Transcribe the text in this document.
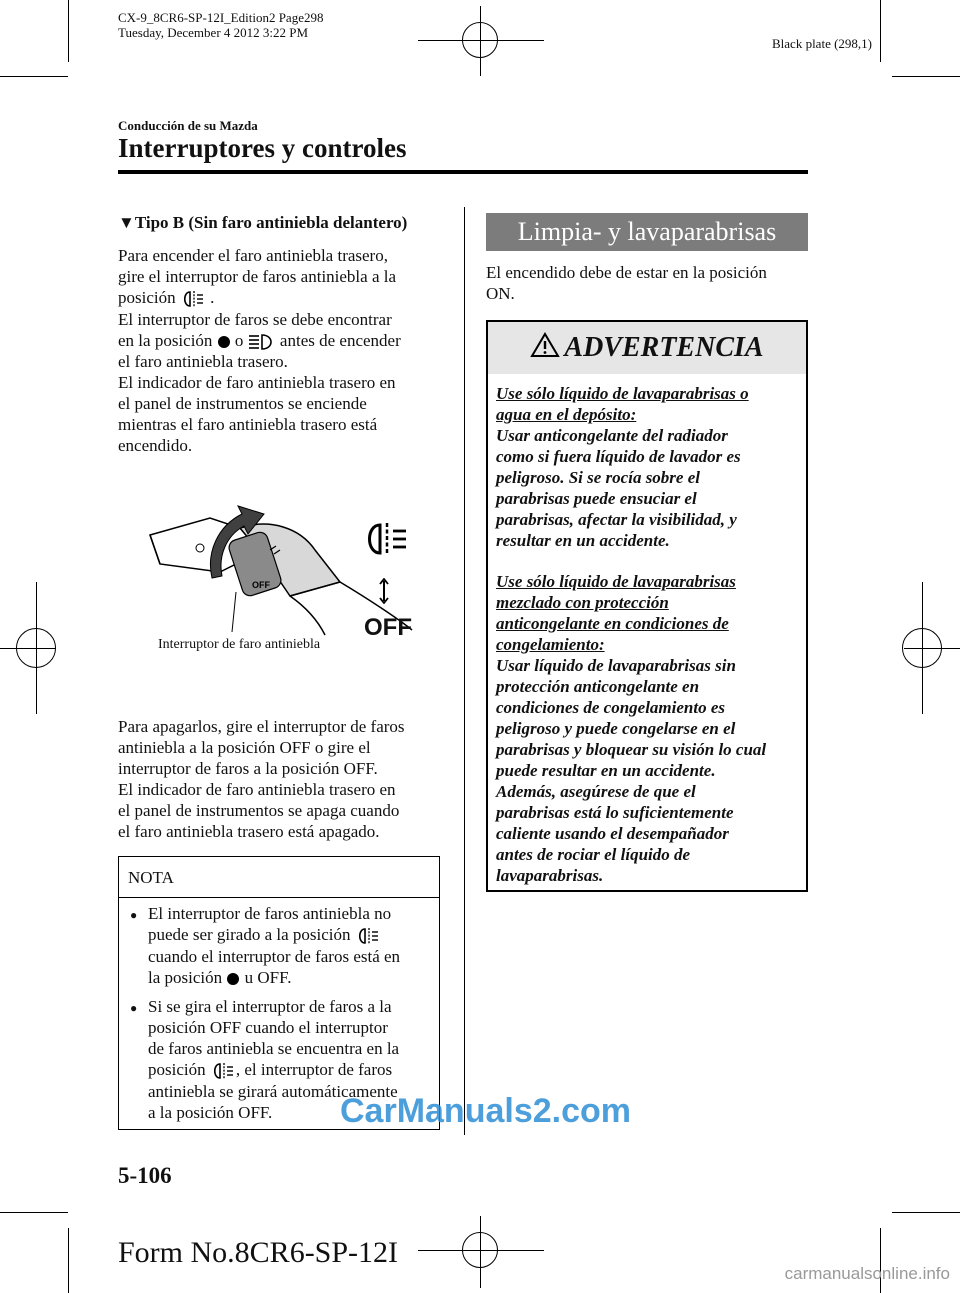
CX-9_8CR6-SP-12I_Edition2 Page298
Tuesday, December 4 2012 3:22 PM
Black plate (298,1)
Conducción de su Mazda
Interruptores y controles
▼Tipo B (Sin faro antiniebla delantero)
Para encender el faro antiniebla trasero,
gire el interruptor de faros antiniebla a la
posición .
El interruptor de faros se debe encontrar
en la posición o antes de encender
el faro antiniebla trasero.
El indicador de faro antiniebla trasero en
el panel de instrumentos se enciende
mientras el faro antiniebla trasero está
encendido.
OFF
OFF
Interruptor de faro antiniebla
Para apagarlos, gire el interruptor de faros
antiniebla a la posición OFF o gire el
interruptor de faros a la posición OFF.
El indicador de faro antiniebla trasero en
el panel de instrumentos se apaga cuando
el faro antiniebla trasero está apagado.
NOTA
● El interruptor de faros antiniebla no
puede ser girado a la posición
cuando el interruptor de faros está en
la posición u OFF.
● Si se gira el interruptor de faros a la
posición OFF cuando el interruptor
de faros antiniebla se encuentra en la
posición , el interruptor de faros
antiniebla se girará automáticamente
a la posición OFF.
Limpia- y lavaparabrisas
El encendido debe de estar en la posición
ON.
ADVERTENCIA
Use sólo líquido de lavaparabrisas o
agua en el depósito:
Usar anticongelante del radiador
como si fuera líquido de lavador es
peligroso. Si se rocía sobre el
parabrisas puede ensuciar el
parabrisas, afectar la visibilidad, y
resultar en un accidente.
Use sólo líquido de lavaparabrisas
mezclado con protección
anticongelante en condiciones de
congelamiento:
Usar líquido de lavaparabrisas sin
protección anticongelante en
condiciones de congelamiento es
peligroso y puede congelarse en el
parabrisas y bloquear su visión lo cual
puede resultar en un accidente.
Además, asegúrese de que el
parabrisas está lo suficientemente
caliente usando el desempañador
antes de rociar el líquido de
lavaparabrisas.
CarManuals2.com
5-106
Form No.8CR6-SP-12I
carmanualsonline.info
